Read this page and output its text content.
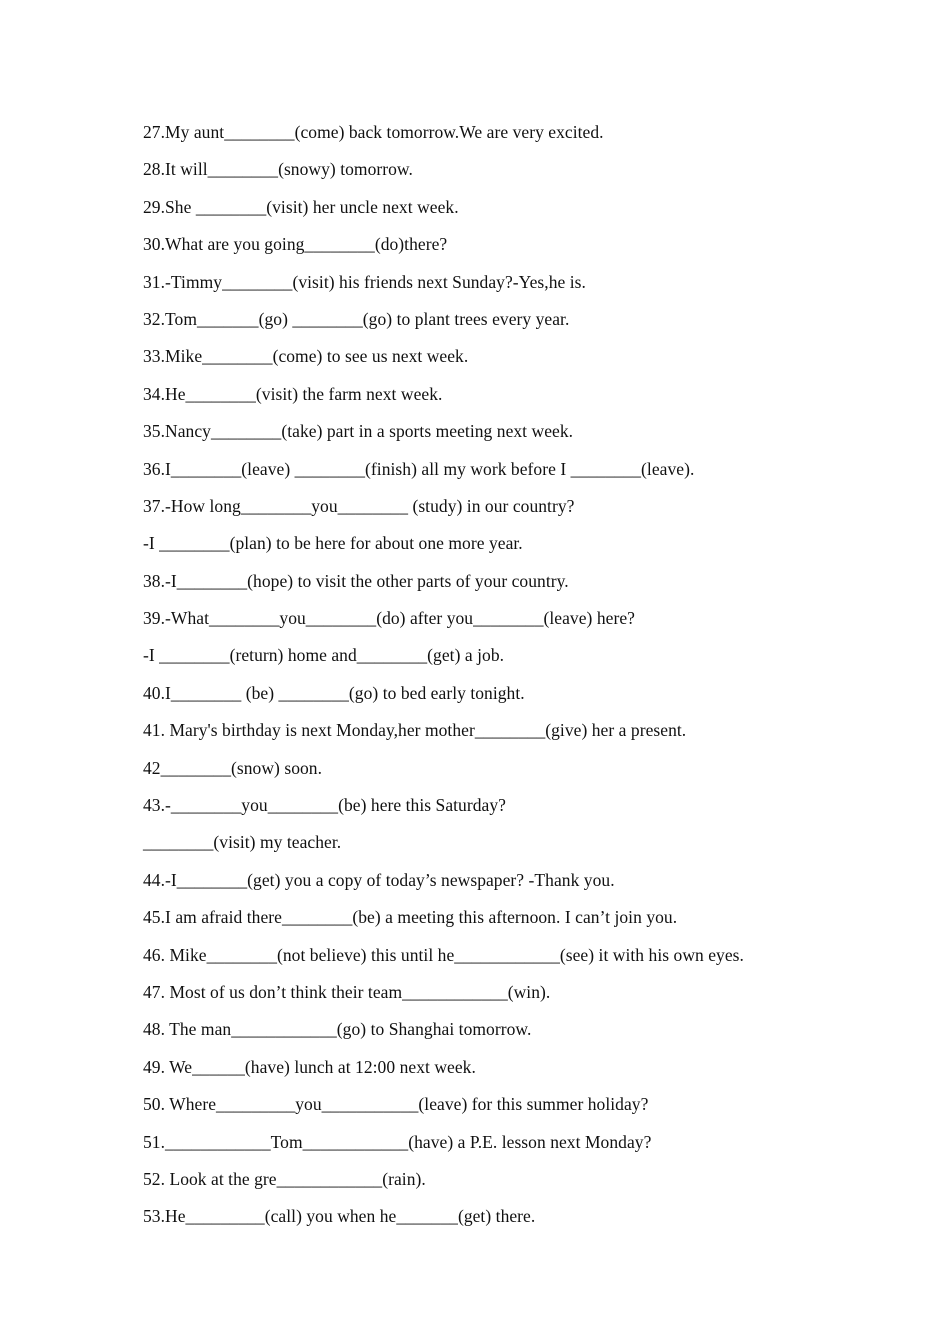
27.My aunt________(come) back tomorrow.We are very excited.
28.It will________(snowy) tomorrow.
29.She ________(visit) her uncle next week.
30.What are you going________(do)there?
31.-Timmy________(visit) his friends next Sunday?-Yes,he is.
32.Tom_______(go) ________(go) to plant trees every year.
33.Mike________(come) to see us next week.
34.He________(visit) the farm next week.
35.Nancy________(take) part in a sports meeting next week.
36.I________(leave) ________(finish) all my work before I ________(leave).
37.-How long________you________ (study) in our country?
-I ________(plan) to be here for about one more year.
38.-I________(hope) to visit the other parts of your country.
39.-What________you________(do) after you________(leave) here?
-I ________(return) home and________(get) a job.
40.I________ (be) ________(go) to bed early tonight.
41. Mary's birthday is next Monday,her mother________(give) her a present.
42________(snow) soon.
43.-________you________(be) here this Saturday?
________(visit) my teacher.
44.-I________(get) you a copy of today’s newspaper? -Thank you.
45.I am afraid there________(be) a meeting this afternoon. I can’t join you.
46. Mike________(not believe) this until he____________(see) it with his own eyes.
47. Most of us don’t think their team____________(win).
48. The man____________(go) to Shanghai tomorrow.
49. We______(have) lunch at 12:00 next week.
50. Where_________you___________(leave) for this summer holiday?
51.____________Tom____________(have) a P.E. lesson next Monday?
52. Look at the gre____________(rain).
53.He_________(call) you when he_______(get) there.
